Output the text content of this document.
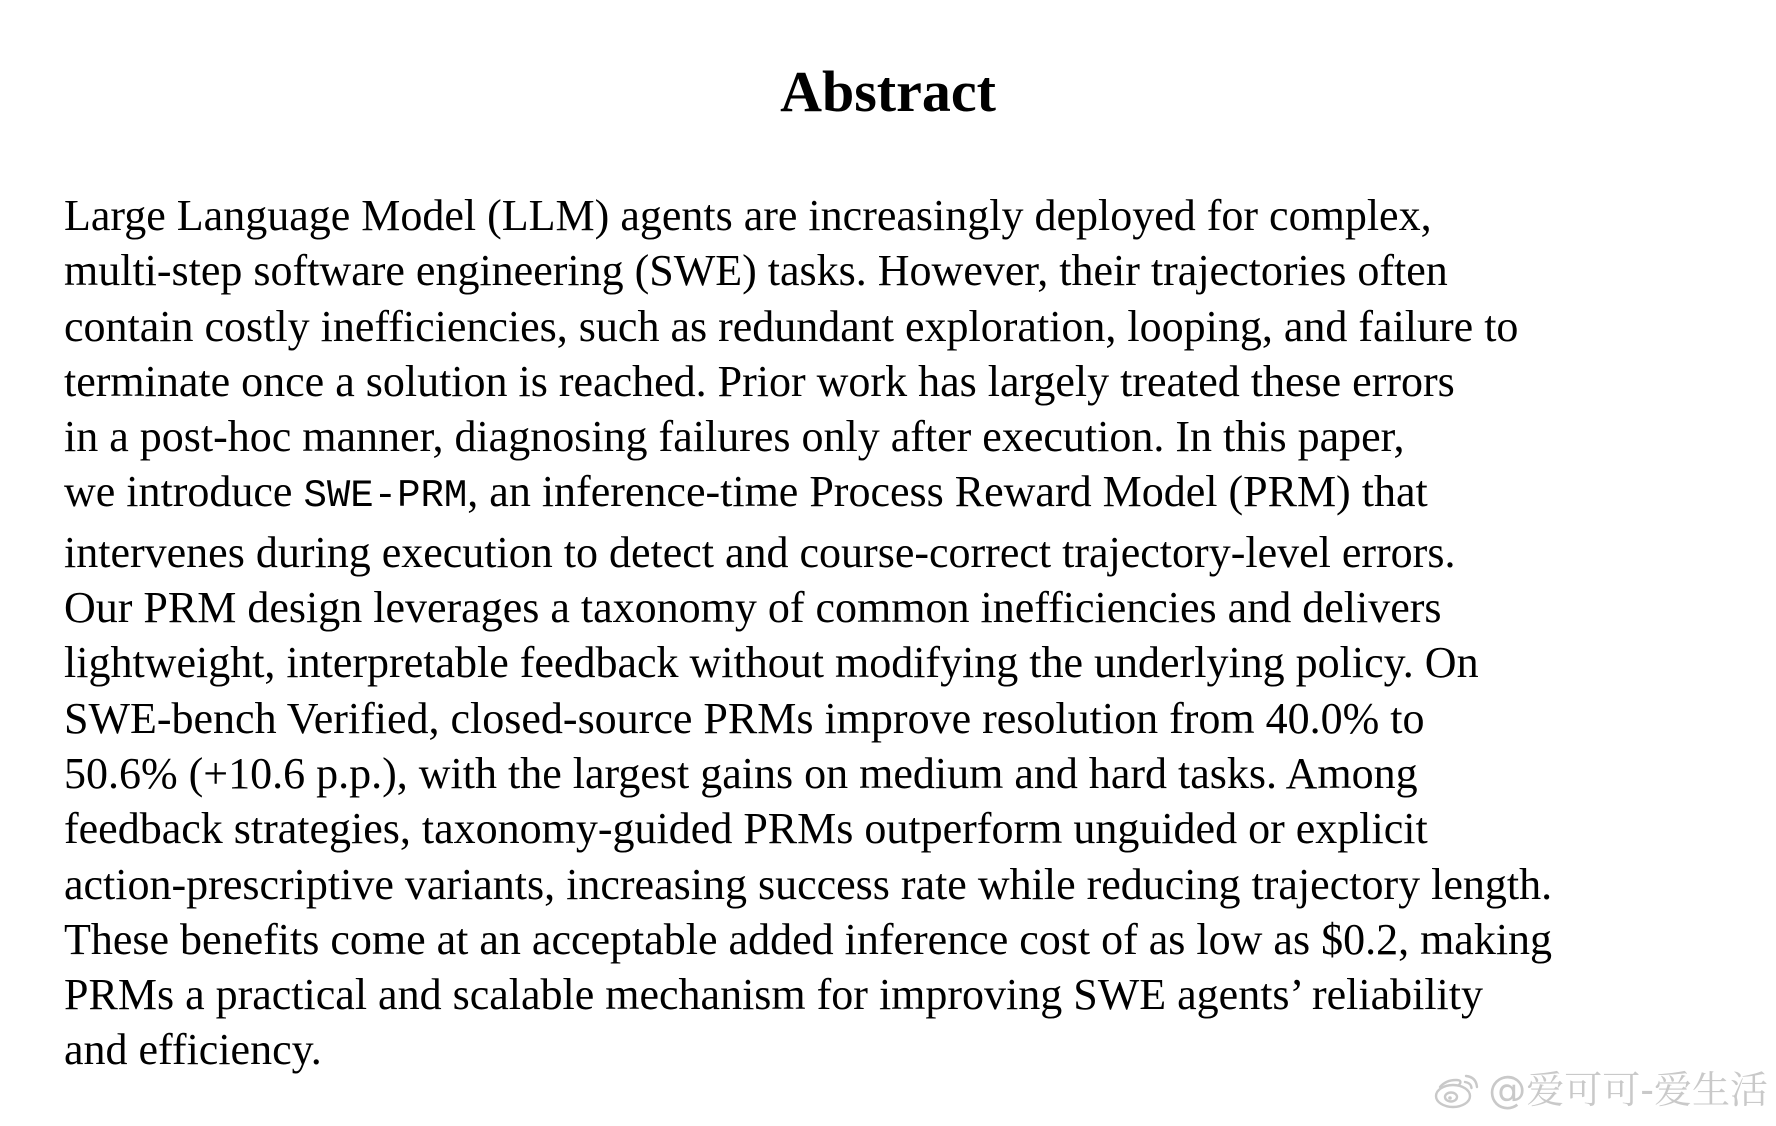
Abstract

Large Language Model (LLM) agents are increasingly deployed for complex,
multi-step software engineering (SWE) tasks. However, their trajectories often
contain costly inefficiencies, such as redundant exploration, looping, and failure to
terminate once a solution is reached. Prior work has largely treated these errors
in a post-hoc manner, diagnosing failures only after execution. In this paper,
we introduce SWE-PRM, an inference-time Process Reward Model (PRM) that
intervenes during execution to detect and course-correct trajectory-level errors.
Our PRM design leverages a taxonomy of common inefficiencies and delivers
lightweight, interpretable feedback without modifying the underlying policy. On
SWE-bench Verified, closed-source PRMs improve resolution from 40.0% to
50.6% (+10.6 p.p.), with the largest gains on medium and hard tasks. Among
feedback strategies, taxonomy-guided PRMs outperform unguided or explicit
action-prescriptive variants, increasing success rate while reducing trajectory length.
These benefits come at an acceptable added inference cost of as low as $0.2, making
PRMs a practical and scalable mechanism for improving SWE agents’ reliability
and efficiency.

@爱可可-爱生活
